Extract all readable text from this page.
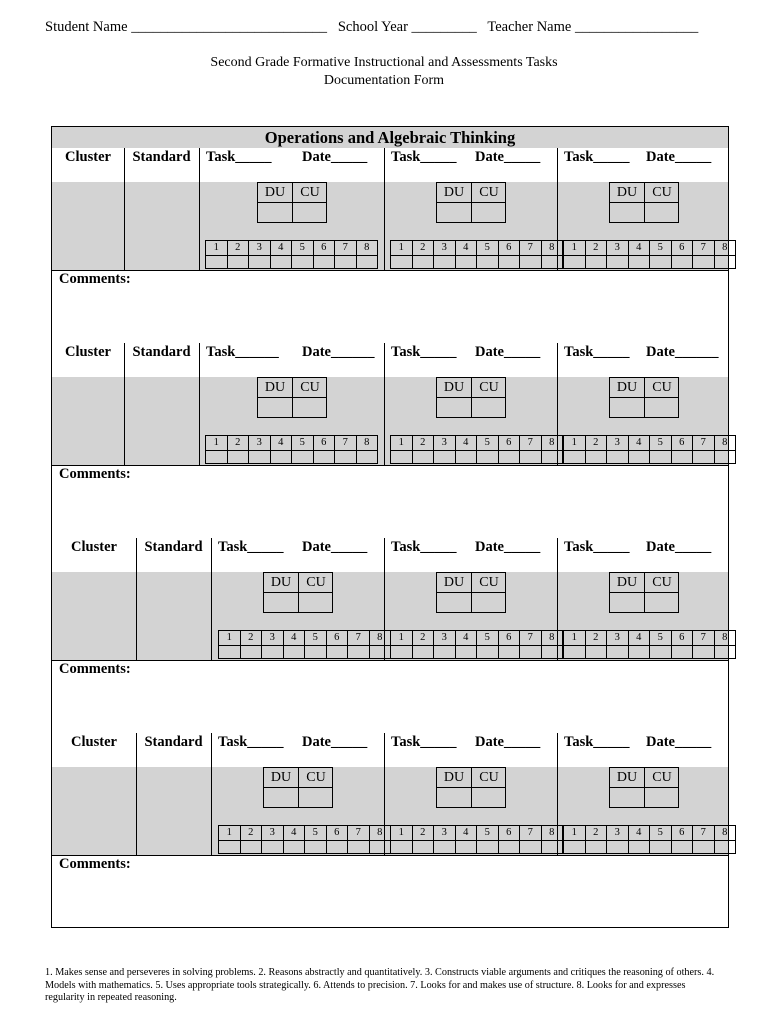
Student Name ___________________________ School Year _________ Teacher Name _________________
Second Grade Formative Instructional and Assessments Tasks
Documentation Form
Operations and Algebraic Thinking
Cluster	Standard	Task_____ Date_____ Task_____ Date_____ Task_____ Date_____
DU	CU
1	2	3	4	5	6	7	8
DU	CU
1	2	3	4	5	6	7	8
DU	CU
1	2	3	4	5	6	7	8
Comments:
Cluster	Standard	Task______ Date______ Task_____ Date_____ Task_____ Date______
DU	CU
1	2	3	4	5	6	7	8
DU	CU
1	2	3	4	5	6	7	8
DU	CU
1	2	3	4	5	6	7	8
Comments:
Cluster	Standard	Task_____ Date_____ Task_____ Date_____ Task_____ Date_____
DU	CU
1	2	3	4	5	6	7	8
DU	CU
1	2	3	4	5	6	7	8
DU	CU
1	2	3	4	5	6	7	8
Comments:
Cluster	Standard	Task_____ Date_____ Task_____ Date_____ Task_____ Date_____
DU	CU
1	2	3	4	5	6	7	8
DU	CU
1	2	3	4	5	6	7	8
DU	CU
1	2	3	4	5	6	7	8
Comments:
1. Makes sense and perseveres in solving problems. 2. Reasons abstractly and quantitatively. 3. Constructs viable arguments and critiques the reasoning of others. 4. Models with mathematics. 5. Uses appropriate tools strategically. 6. Attends to precision. 7. Looks for and makes use of structure. 8. Looks for and expresses regularity in repeated reasoning.
